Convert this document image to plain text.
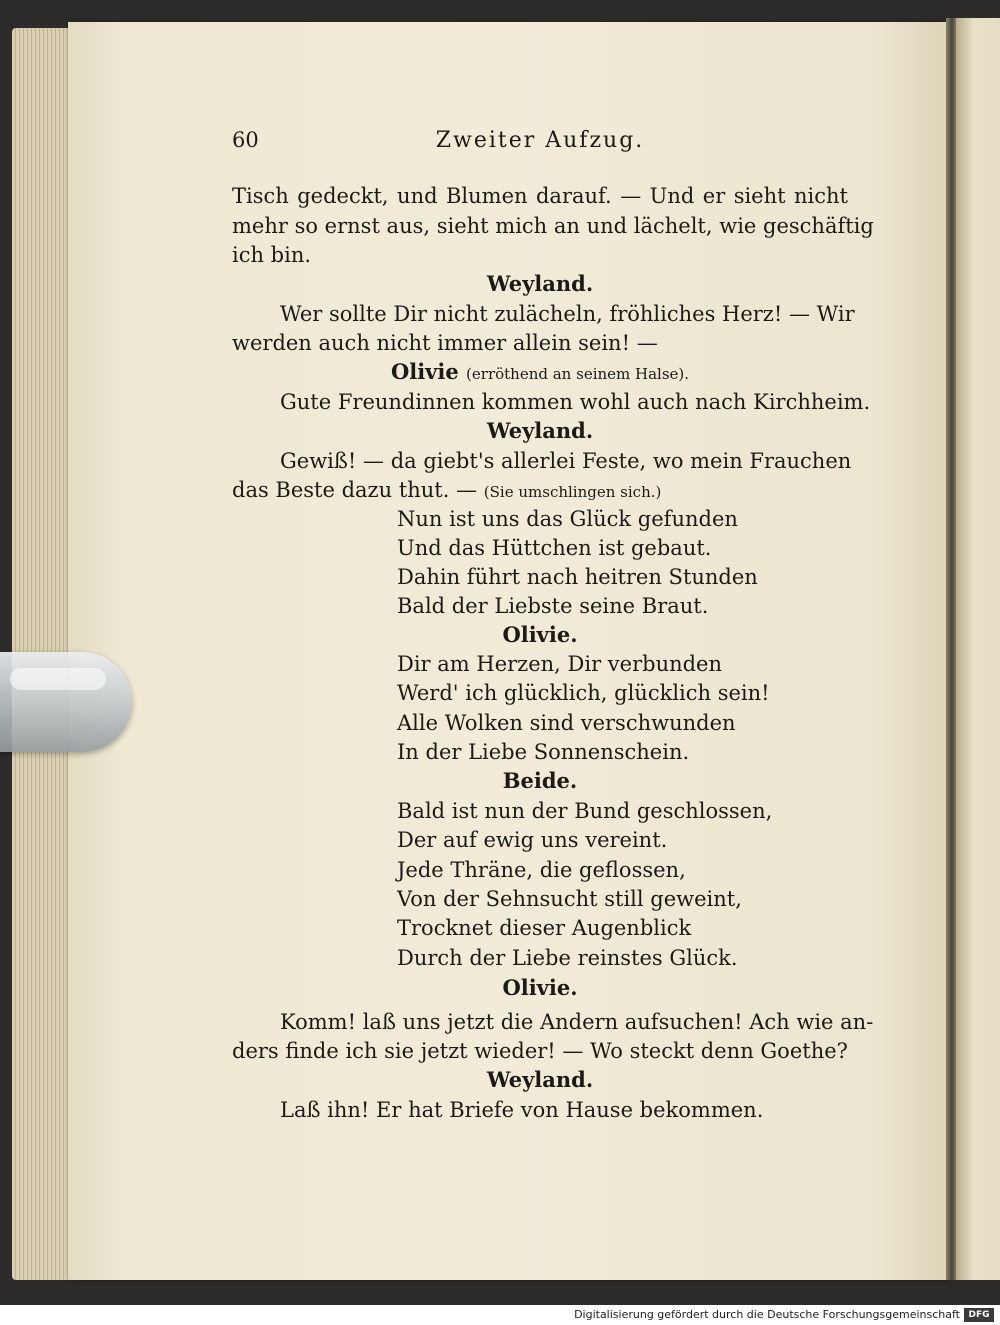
60	Zweiter Aufzug.
Tisch gedeckt, und Blumen darauf. — Und er sieht nicht
mehr so ernst aus, sieht mich an und lächelt, wie geschäftig
ich bin.
Weyland.
Wer sollte Dir nicht zulächeln, fröhliches Herz! — Wir
werden auch nicht immer allein sein! —
Olivie (erröthend an seinem Halse).
Gute Freundinnen kommen wohl auch nach Kirchheim.
Weyland.
Gewiß! — da giebt's allerlei Feste, wo mein Frauchen
das Beste dazu thut. — (Sie umschlingen sich.)
Nun ist uns das Glück gefunden
Und das Hüttchen ist gebaut.
Dahin führt nach heitren Stunden
Bald der Liebste seine Braut.
Olivie.
Dir am Herzen, Dir verbunden
Werd' ich glücklich, glücklich sein!
Alle Wolken sind verschwunden
In der Liebe Sonnenschein.
Beide.
Bald ist nun der Bund geschlossen,
Der auf ewig uns vereint.
Jede Thräne, die geflossen,
Von der Sehnsucht still geweint,
Trocknet dieser Augenblick
Durch der Liebe reinstes Glück.
Olivie.
Komm! laß uns jetzt die Andern aufsuchen! Ach wie an-
ders finde ich sie jetzt wieder! — Wo steckt denn Goethe?
Weyland.
Laß ihn! Er hat Briefe von Hause bekommen.
Digitalisierung gefördert durch die Deutsche Forschungsgemeinschaft DFG
